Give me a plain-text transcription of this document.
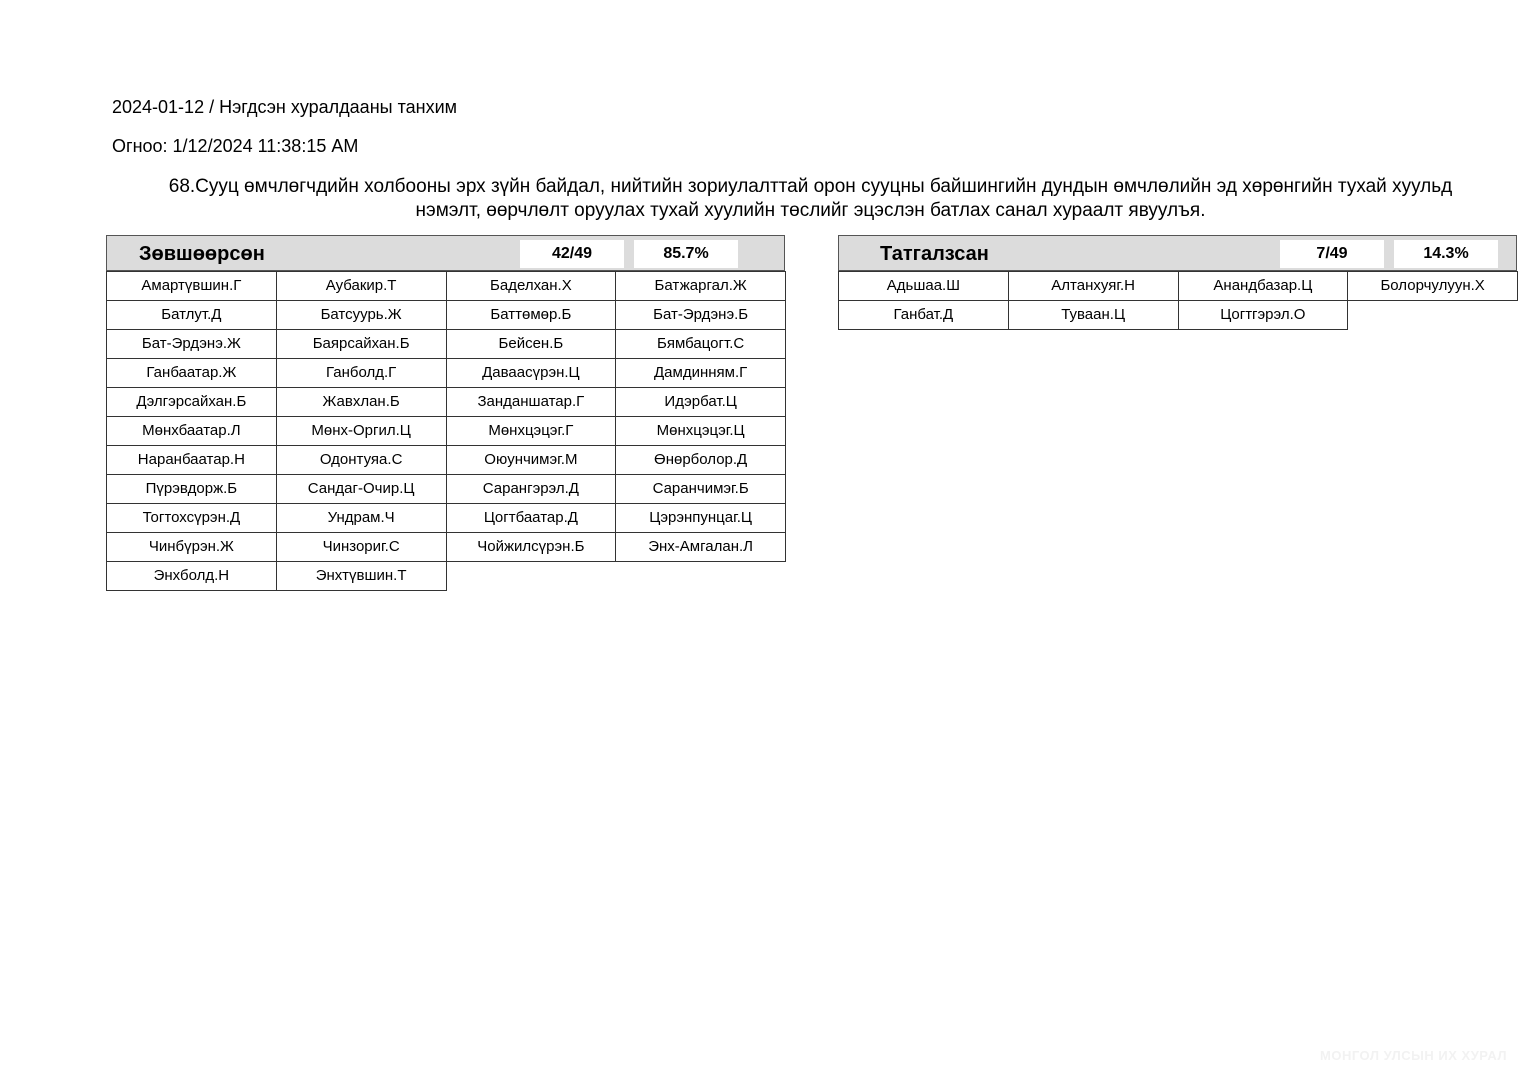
2024-01-12 / Нэгдсэн хуралдааны танхим
Огноо: 1/12/2024 11:38:15 AM
68.Сууц өмчлөгчдийн холбооны эрх зүйн байдал, нийтийн зориулалттай орон сууцны байшингийн дундын өмчлөлийн эд хөрөнгийн тухай хуульд нэмэлт, өөрчлөлт оруулах тухай хуулийн төслийг эцэслэн батлах санал хураалт явуулъя.
Зөвшөөрсөн	42/49	85.7%
Амартүвшин.Г	Аубакир.Т	Баделхан.Х	Батжаргал.Ж
Батлут.Д	Батсуурь.Ж	Баттөмөр.Б	Бат-Эрдэнэ.Б
Бат-Эрдэнэ.Ж	Баярсайхан.Б	Бейсен.Б	Бямбацогт.С
Ганбаатар.Ж	Ганболд.Г	Даваасүрэн.Ц	Дамдинням.Г
Дэлгэрсайхан.Б	Жавхлан.Б	Занданшатар.Г	Идэрбат.Ц
Мөнхбаатар.Л	Мөнх-Оргил.Ц	Мөнхцэцэг.Г	Мөнхцэцэг.Ц
Наранбаатар.Н	Одонтуяа.С	Оюунчимэг.М	Өнөрболор.Д
Пүрэвдорж.Б	Сандаг-Очир.Ц	Сарангэрэл.Д	Саранчимэг.Б
Тогтохсүрэн.Д	Ундрам.Ч	Цогтбаатар.Д	Цэрэнпунцаг.Ц
Чинбүрэн.Ж	Чинзориг.С	Чойжилсүрэн.Б	Энх-Амгалан.Л
Энхболд.Н	Энхтүвшин.Т
Татгалзсан	7/49	14.3%
Адьшаа.Ш	Алтанхуяг.Н	Анандбазар.Ц	Болорчулуун.Х
Ганбат.Д	Туваан.Ц	Цогтгэрэл.О
МОНГОЛ УЛСЫН ИХ ХУРАЛ
